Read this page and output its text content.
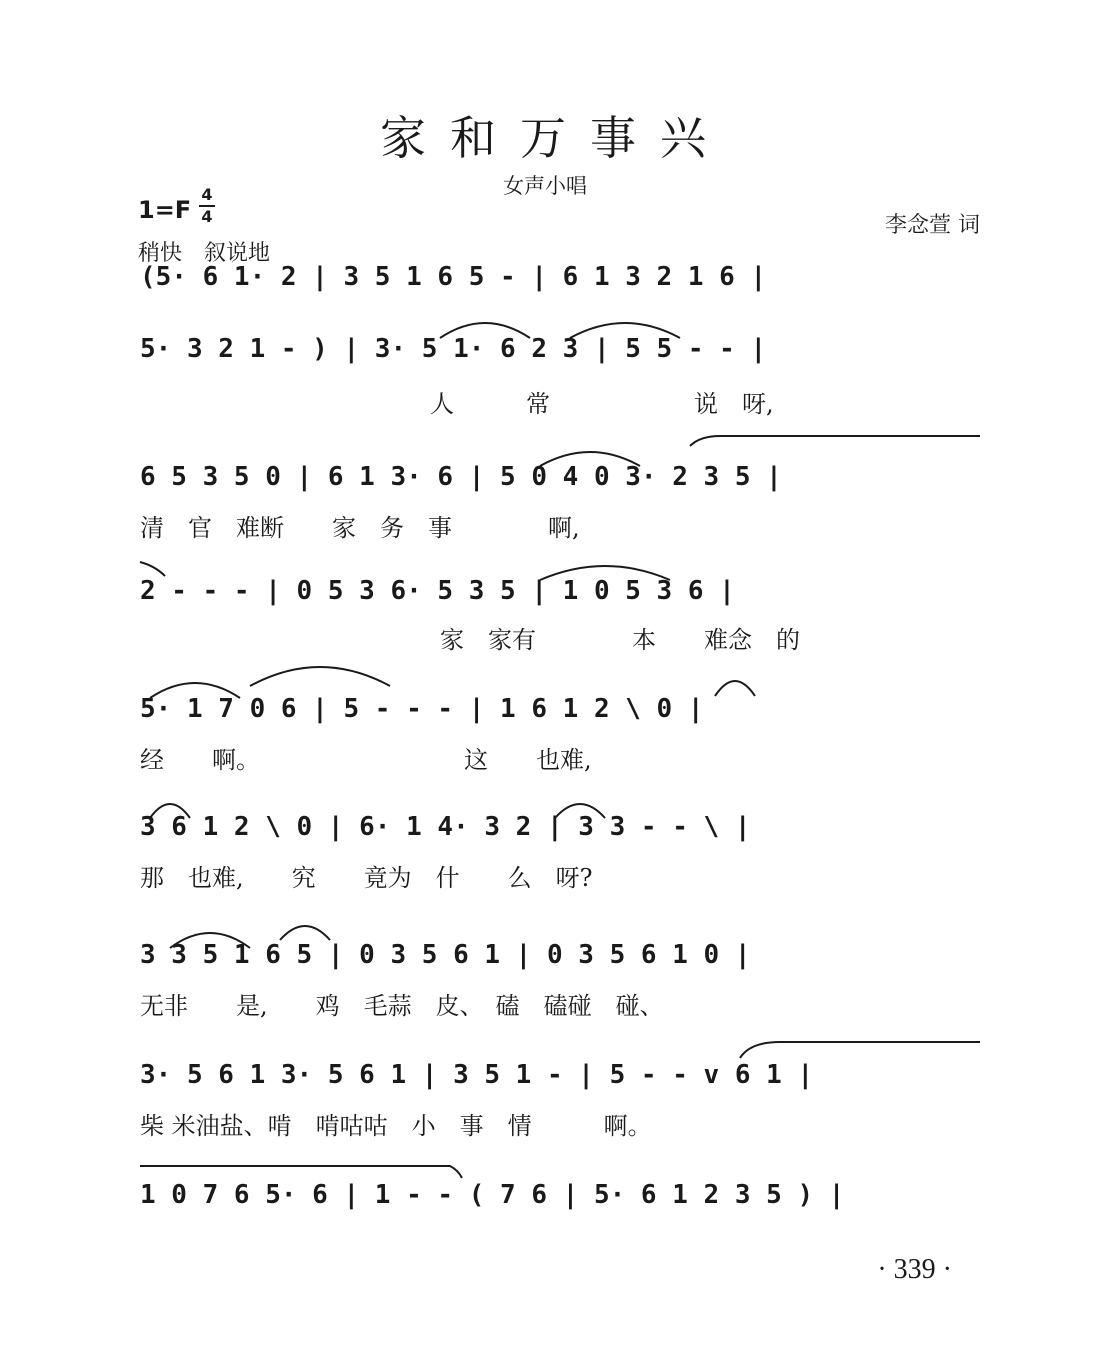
家和万事兴
女声小唱
1=F
4
4
稍快　叙说地
李念萱 词
(5· 6 1· 2 | 3 5 1 6 5 - | 6 1 3 2 1 6 |
5· 3 2 1 - ) | 3· 5 1· 6 2 3 | 5 5 - - |
人　　　常　　　　　　说　呀,
6 5 3 5 0 | 6 1 3· 6 | 5 0 4 0 3· 2 3 5 |
清　官　难断　　家　务　事　　　　啊,
2 - - - | 0 5 3 6· 5 3 5 | 1 0 5 3 6 |
家　家有　　　　本　　难念　的
5· 1 7 0 6 | 5 - - - | 1 6 1 2 \ 0 |
经　　啊。　　　　　　　　　这　　也难,
3 6 1 2 \ 0 | 6· 1 4· 3 2 | 3 3 - - \ |
那　也难,　　究　　竟为　什　　么　呀?
3 3 5 1 6 5 | 0 3 5 6 1 | 0 3 5 6 1 0 |
无非　　是,　　鸡　毛蒜　皮、　磕　磕碰　碰、
3· 5 6 1 3· 5 6 1 | 3 5 1 - | 5 - - v 6 1 |
柴 米油盐、啃　啃咕咕　小　事　情　　　啊。
1 0 7 6 5· 6 | 1 - - ( 7 6 | 5· 6 1 2 3 5 ) |
· 339 ·
